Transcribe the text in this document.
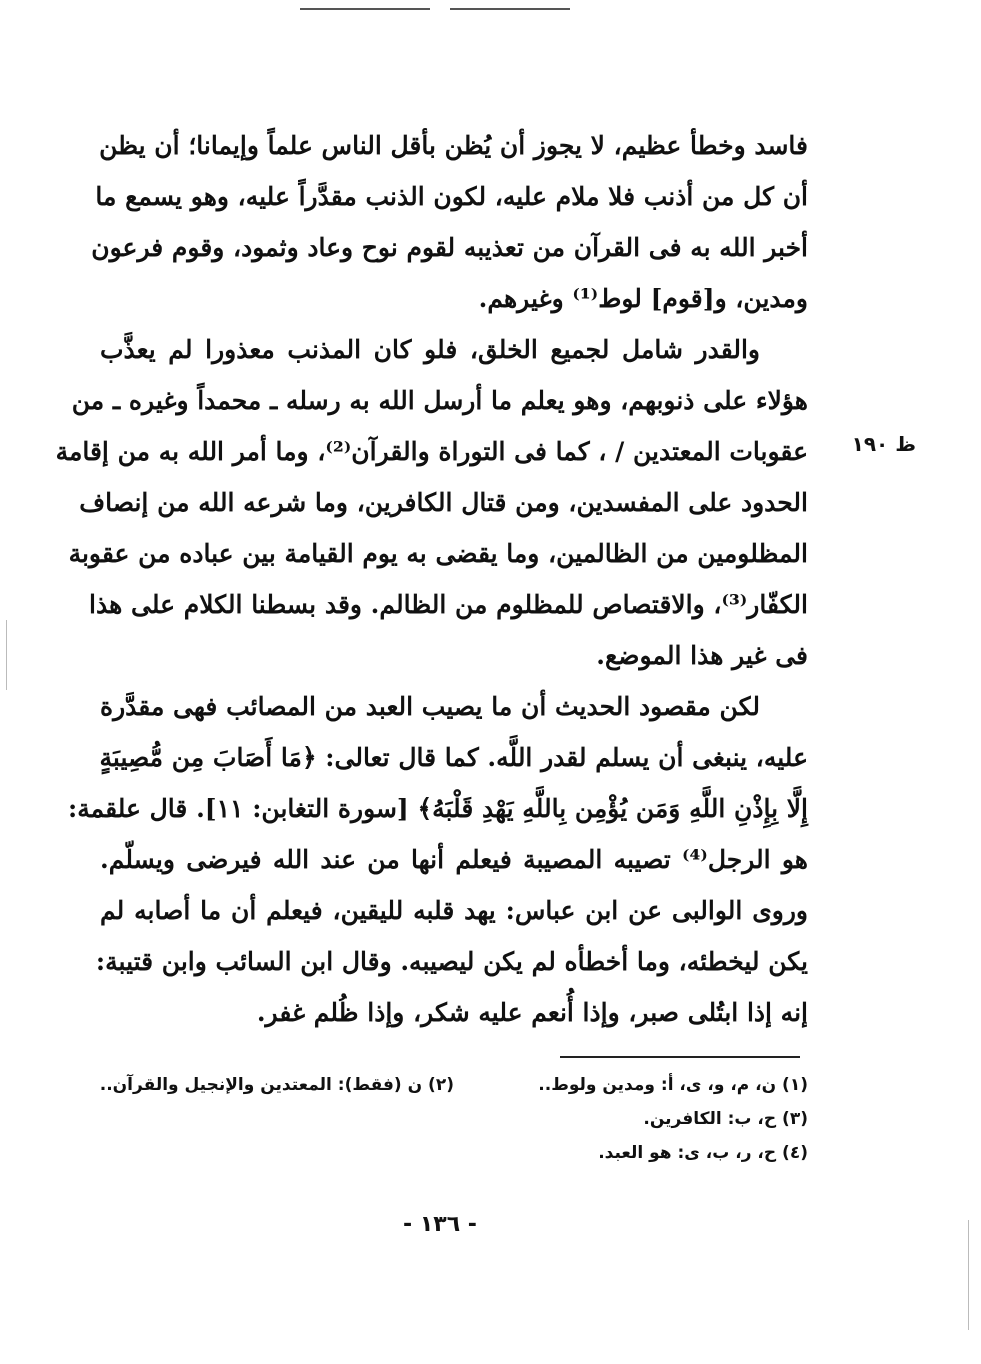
فاسد وخطأ عظيم، لا يجوز أن يُظن بأقل الناس علماً وإيمانا؛ أن يظن
أن كل من أذنب فلا ملام عليه، لكون الذنب مقدَّراً عليه، وهو يسمع ما
أخبر الله به فى القرآن من تعذيبه لقوم نوح وعاد وثمود، وقوم فرعون
ومدين، و[قوم] لوط⁽¹⁾ وغيرهم.
والقدر شامل لجميع الخلق، فلو كان المذنب معذورا لم يعذَّب
هؤلاء على ذنوبهم، وهو يعلم ما أرسل الله به رسله ـ محمداً وغيره ـ من
عقوبات المعتدين / ، كما فى التوراة والقرآن⁽²⁾، وما أمر الله به من إقامة
الحدود على المفسدين، ومن قتال الكافرين، وما شرعه الله من إنصاف
المظلومين من الظالمين، وما يقضى به يوم القيامة بين عباده من عقوبة
الكفّار⁽³⁾، والاقتصاص للمظلوم من الظالم. وقد بسطنا الكلام على هذا
فى غير هذا الموضع.
لكن مقصود الحديث أن ما يصيب العبد من المصائب فهى مقدَّرة
عليه، ينبغى أن يسلم لقدر اللَّه. كما قال تعالى: ﴿مَا أَصَابَ مِن مُّصِيبَةٍ
إِلَّا بِإِذْنِ اللَّهِ وَمَن يُؤْمِن بِاللَّهِ يَهْدِ قَلْبَهُ﴾ [سورة التغابن: ١١]. قال علقمة:
هو الرجل⁽⁴⁾ تصيبه المصيبة فيعلم أنها من عند الله فيرضى ويسلّم.
وروى الوالبى عن ابن عباس: يهد قلبه لليقين، فيعلم أن ما أصابه لم
يكن ليخطئه، وما أخطأه لم يكن ليصيبه. وقال ابن السائب وابن قتيبة:
إنه إذا ابتُلى صبر، وإذا أُنعم عليه شكر، وإذا ظُلم غفر.
ظ ١٩٠
(١) ن، م، و، ى، أ: ومدين ولوط..
(٢) ن (فقط): المعتدين والإنجيل والقرآن..
(٣) ح، ب: الكافرين.
(٤) ح، ر، ب، ى: هو العبد.
- ١٣٦ -
